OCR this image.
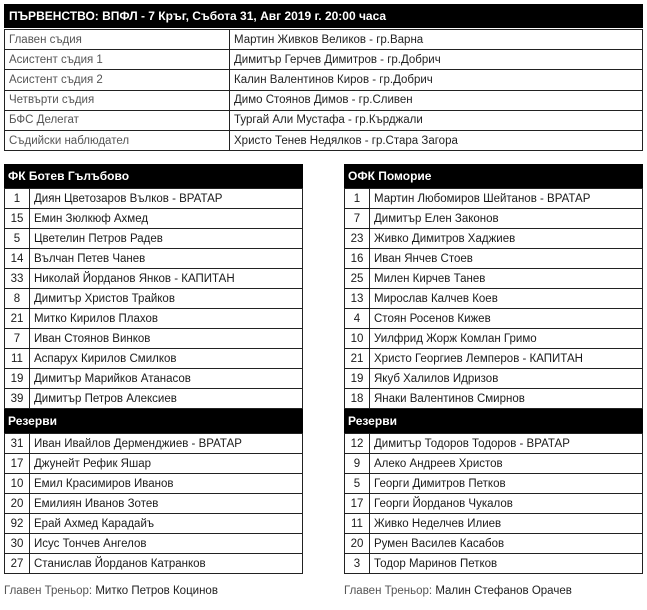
ПЪРВЕНСТВО: ВПФЛ - 7 Кръг, Събота 31, Авг 2019 г. 20:00 часа
Главен съдия	Мартин Живков Великов - гр.Варна
Асистент съдия 1	Димитър Герчев Димитров - гр.Добрич
Асистент съдия 2	Калин Валентинов Киров - гр.Добрич
Четвърти съдия	Димо Стоянов Димов - гр.Сливен
БФС Делегат	Тургай Али Мустафа - гр.Кърджали
Съдийски наблюдател	Христо Тенев Недялков - гр.Стара Загора
ФК Ботев Гълъбово
1	Диян Цветозаров Вълков - ВРАТАР
15	Емин Зюлкюф Ахмед
5	Цветелин Петров Радев
14	Вълчан Петев Чанев
33	Николай Йорданов Янков - КАПИТАН
8	Димитър Христов Трайков
21	Митко Кирилов Плахов
7	Иван Стоянов Винков
11	Аспарух Кирилов Смилков
19	Димитър Марийков Атанасов
39	Димитър Петров Алексиев
Резерви
31	Иван Ивайлов Дерменджиев - ВРАТАР
17	Джунейт Рефик Яшар
10	Емил Красимиров Иванов
20	Емилиян Иванов Зотев
92	Ерай Ахмед Карадайъ
30	Исус Тончев Ангелов
27	Станислав Йорданов Катранков
ОФК Поморие
1	Мартин Любомиров Шейтанов - ВРАТАР
7	Димитър Елен Законов
23	Живко Димитров Хаджиев
16	Иван Янчев Стоев
25	Милен Кирчев Танев
13	Мирослав Калчев Коев
4	Стоян Росенов Кижев
10	Уилфрид Жорж Комлан Гримо
21	Христо Георгиев Лемперов - КАПИТАН
19	Якуб Халилов Идризов
18	Янаки Валентинов Смирнов
Резерви
12	Димитър Тодоров Тодоров - ВРАТАР
9	Алеко Андреев Христов
5	Георги Димитров Петков
17	Георги Йорданов Чукалов
11	Живко Неделчев Илиев
20	Румен Василев Касабов
3	Тодор Маринов Петков
Главен Треньор: Митко Петров Коцинов	Главен Треньор: Малин Стефанов Орачев
